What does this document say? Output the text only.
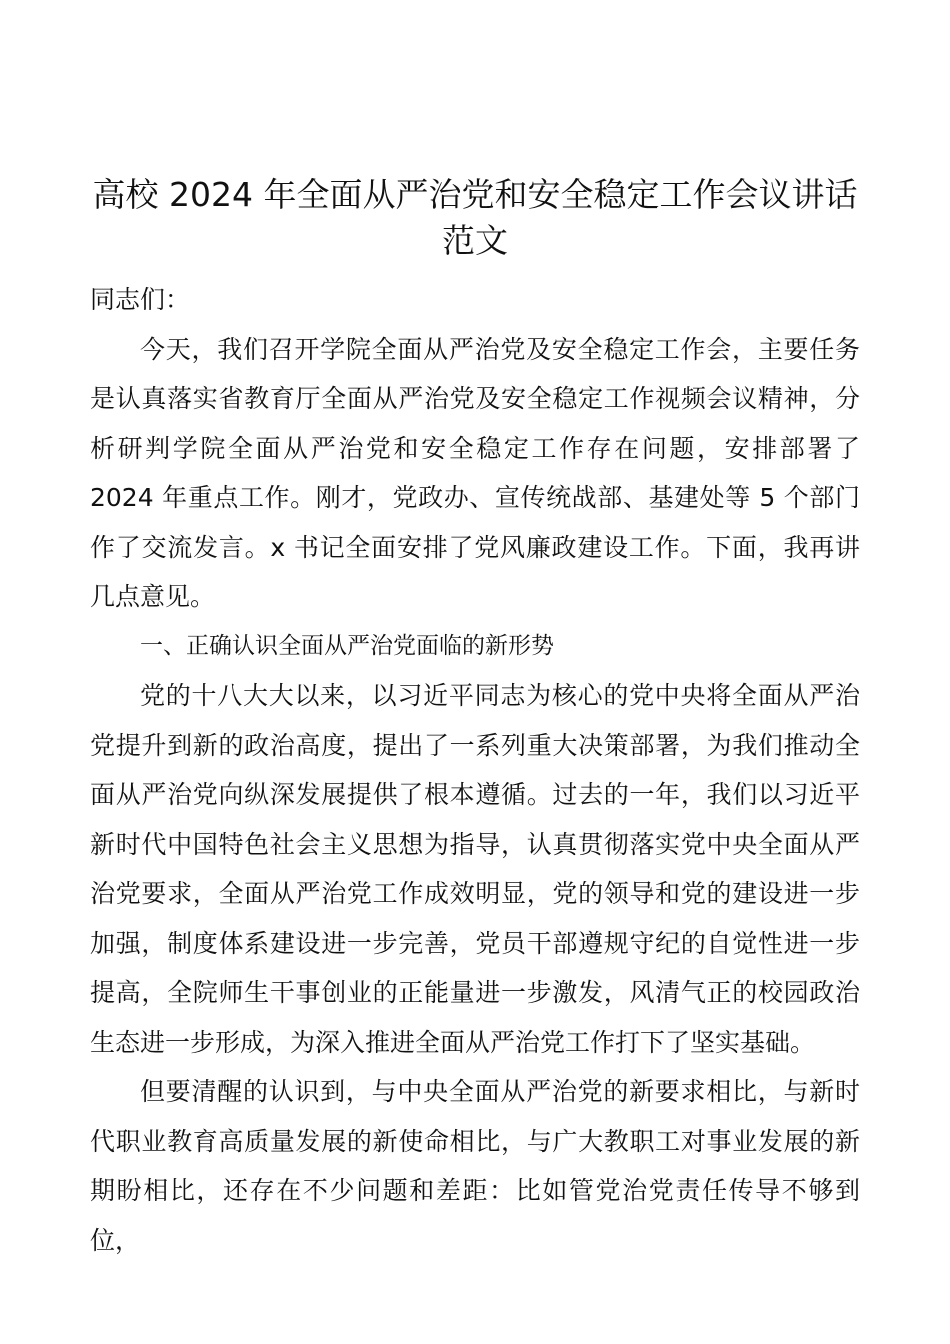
高校 2024 年全面从严治党和安全稳定工作会议讲话范文

同志们：

今天，我们召开学院全面从严治党及安全稳定工作会，主要任务是认真落实省教育厅全面从严治党及安全稳定工作视频会议精神，分析研判学院全面从严治党和安全稳定工作存在问题，安排部署了 2024 年重点工作。刚才，党政办、宣传统战部、基建处等 5 个部门作了交流发言。x 书记全面安排了党风廉政建设工作。下面，我再讲几点意见。

一、正确认识全面从严治党面临的新形势

党的十八大大以来，以习近平同志为核心的党中央将全面从严治党提升到新的政治高度，提出了一系列重大决策部署，为我们推动全面从严治党向纵深发展提供了根本遵循。过去的一年，我们以习近平新时代中国特色社会主义思想为指导，认真贯彻落实党中央全面从严治党要求，全面从严治党工作成效明显，党的领导和党的建设进一步加强，制度体系建设进一步完善，党员干部遵规守纪的自觉性进一步提高，全院师生干事创业的正能量进一步激发，风清气正的校园政治生态进一步形成，为深入推进全面从严治党工作打下了坚实基础。

但要清醒的认识到，与中央全面从严治党的新要求相比，与新时代职业教育高质量发展的新使命相比，与广大教职工对事业发展的新期盼相比，还存在不少问题和差距：比如管党治党责任传导不够到位，
